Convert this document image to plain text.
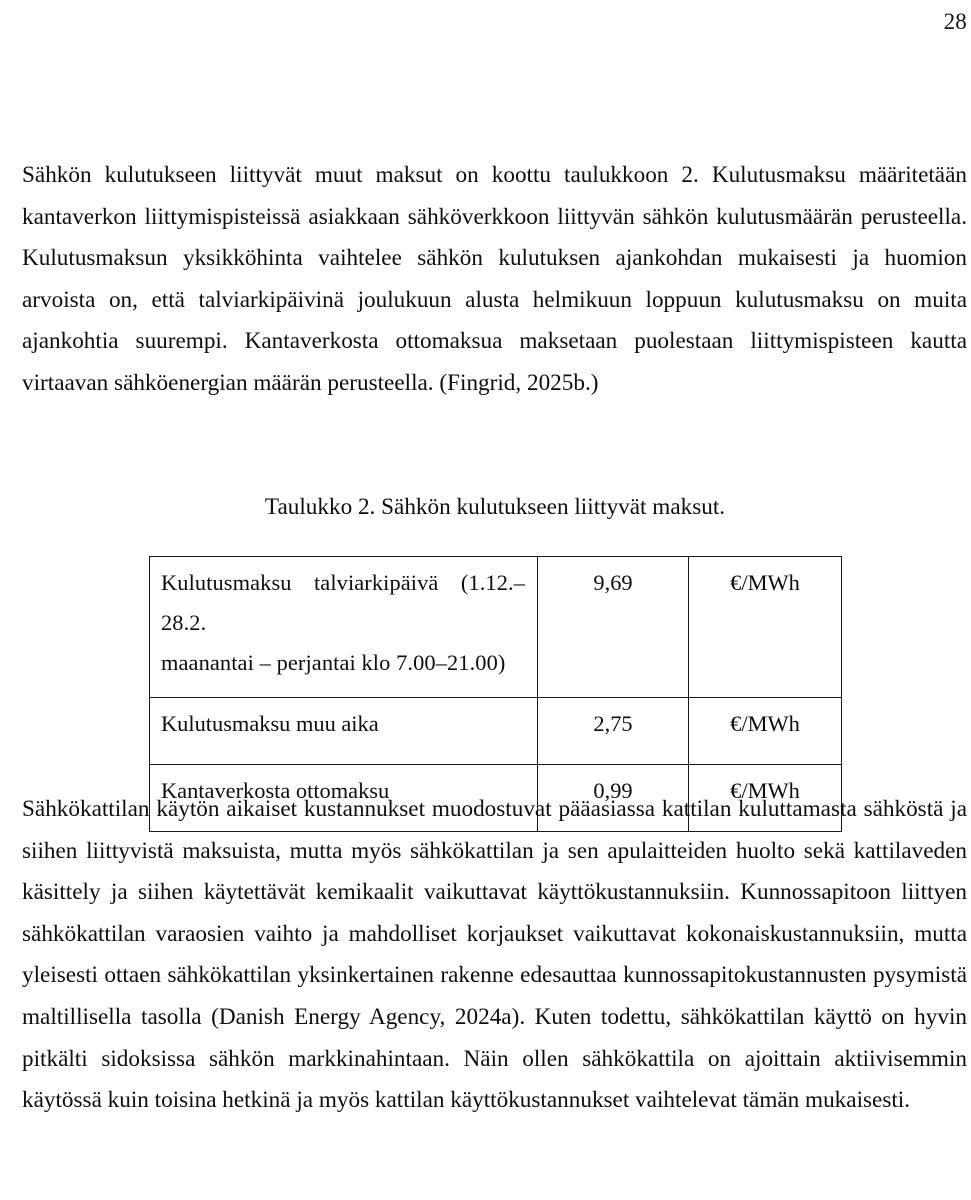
28

Sähkön kulutukseen liittyvät muut maksut on koottu taulukkoon 2. Kulutusmaksu määritetään kantaverkon liittymispisteissä asiakkaan sähköverkkoon liittyvän sähkön kulutusmäärän perusteella. Kulutusmaksun yksikköhinta vaihtelee sähkön kulutuksen ajankohdan mukaisesti ja huomion arvoista on, että talviarkipäivinä joulukuun alusta helmikuun loppuun kulutusmaksu on muita ajankohtia suurempi. Kantaverkosta ottomaksua maksetaan puolestaan liittymispisteen kautta virtaavan sähköenergian määrän perusteella. (Fingrid, 2025b.)

Taulukko 2. Sähkön kulutukseen liittyvät maksut.
Kulutusmaksu talviarkipäivä (1.12.–28.2.
maanantai – perjantai klo 7.00–21.00)	9,69	€/MWh

Kulutusmaksu muu aika	2,75	€/MWh

Kantaverkosta ottomaksu	0,99	€/MWh

Sähkökattilan käytön aikaiset kustannukset muodostuvat pääasiassa kattilan kuluttamasta sähköstä ja siihen liittyvistä maksuista, mutta myös sähkökattilan ja sen apulaitteiden huolto sekä kattilaveden käsittely ja siihen käytettävät kemikaalit vaikuttavat käyttökustannuksiin. Kunnossapitoon liittyen sähkökattilan varaosien vaihto ja mahdolliset korjaukset vaikuttavat kokonaiskustannuksiin, mutta yleisesti ottaen sähkökattilan yksinkertainen rakenne edesauttaa kunnossapitokustannusten pysymistä maltillisella tasolla (Danish Energy Agency, 2024a). Kuten todettu, sähkökattilan käyttö on hyvin pitkälti sidoksissa sähkön markkinahintaan. Näin ollen sähkökattila on ajoittain aktiivisemmin käytössä kuin toisina hetkinä ja myös kattilan käyttökustannukset vaihtelevat tämän mukaisesti.
